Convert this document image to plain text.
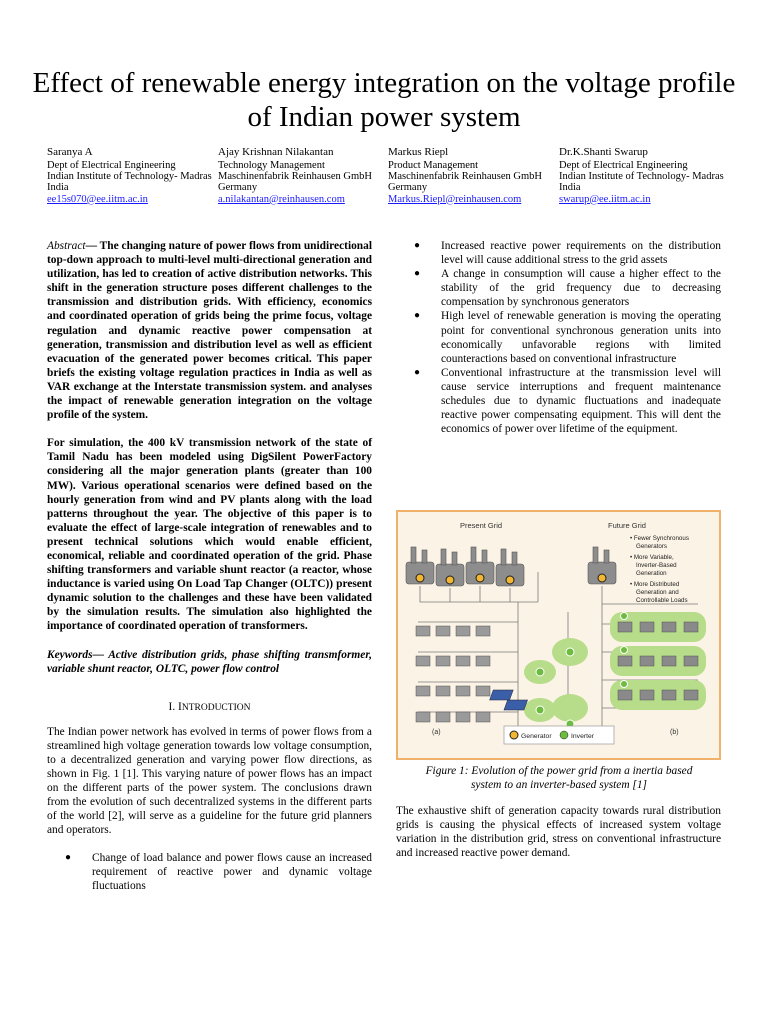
Effect of renewable energy integration on the voltage profile of Indian power system
Saranya A
Dept of Electrical Engineering
Indian Institute of Technology- Madras
India
ee15s070@ee.iitm.ac.in
Ajay Krishnan Nilakantan
Technology Management
Maschinenfabrik Reinhausen GmbH
Germany
a.nilakantan@reinhausen.com
Markus Riepl
Product Management
Maschinenfabrik Reinhausen GmbH
Germany
Markus.Riepl@reinhausen.com
Dr.K.Shanti Swarup
Dept of Electrical Engineering
Indian Institute of Technology- Madras
India
swarup@ee.iitm.ac.in

Abstract— The changing nature of power flows from unidirectional top-down approach to multi-level multi-directional generation and utilization, has led to creation of active distribution networks. This shift in the generation structure poses different challenges to the transmission and distribution grids. With efficiency, economics and coordinated operation of grids being the prime focus, voltage regulation and dynamic reactive power compensation at generation, transmission and distribution level as well as efficient evacuation of the generated power becomes critical. This paper briefs the existing voltage regulation practices in India as well as VAR exchange at the Interstate transmission system. and analyses the impact of renewable generation integration on the voltage profile of the system.

For simulation, the 400 kV transmission network of the state of Tamil Nadu has been modeled using DigSilent PowerFactory considering all the major generation plants (greater than 100 MW). Various operational scenarios were defined based on the hourly generation from wind and PV plants along with the load patterns throughout the year. The objective of this paper is to evaluate the effect of large-scale integration of renewables and to present technical solutions which would enable efficient, economical, reliable and coordinated operation of the grid. Phase shifting transformers and variable shunt reactor (a reactor, whose inductance is varied using On Load Tap Changer (OLTC)) present dynamic solution to the challenges and these have been validated by the simulation results. The simulation also highlighted the importance of coordinated operation of transformers.

Keywords— Active distribution grids, phase shifting transmformer, variable shunt reactor, OLTC, power flow control

I. INTRODUCTION

The Indian power network has evolved in terms of power flows from a streamlined high voltage generation towards low voltage consumption, to a decentralized generation and varying power flow directions, as shown in Fig. 1 [1]. This varying nature of power flows has an impact on the different parts of the power system. The conclusions drawn from the evolution of such decentralized systems in the different parts of the world [2], will serve as a guideline for the future grid planners and operators.

● Change of load balance and power flows cause an increased requirement of reactive power and dynamic voltage fluctuations
● Increased reactive power requirements on the distribution level will cause additional stress to the grid assets
● A change in consumption will cause a higher effect to the stability of the grid frequency due to decreasing compensation by synchronous generators
● High level of renewable generation is moving the operating point for conventional synchronous generation units into economically unfavorable regions with limited counteractions based on conventional infrastructure
● Conventional infrastructure at the transmission level will cause service interruptions and frequent maintenance schedules due to dynamic fluctuations and inadequate reactive power compensating equipment. This will dent the economics of power over lifetime of the equipment.
Present Grid	Future Grid
• Fewer Synchronous Generators • More Variable, Inverter-Based Generation • More Distributed Generation and Controllable Loads
(a)	(b)
Generator	Inverter
Figure 1: Evolution of the power grid from a inertia based
system to an inverter-based system [1]

The exhaustive shift of generation capacity towards rural distribution grids is causing the physical effects of increased system voltage variation in the distribution grid, stress on conventional infrastructure and increased reactive power demand.
